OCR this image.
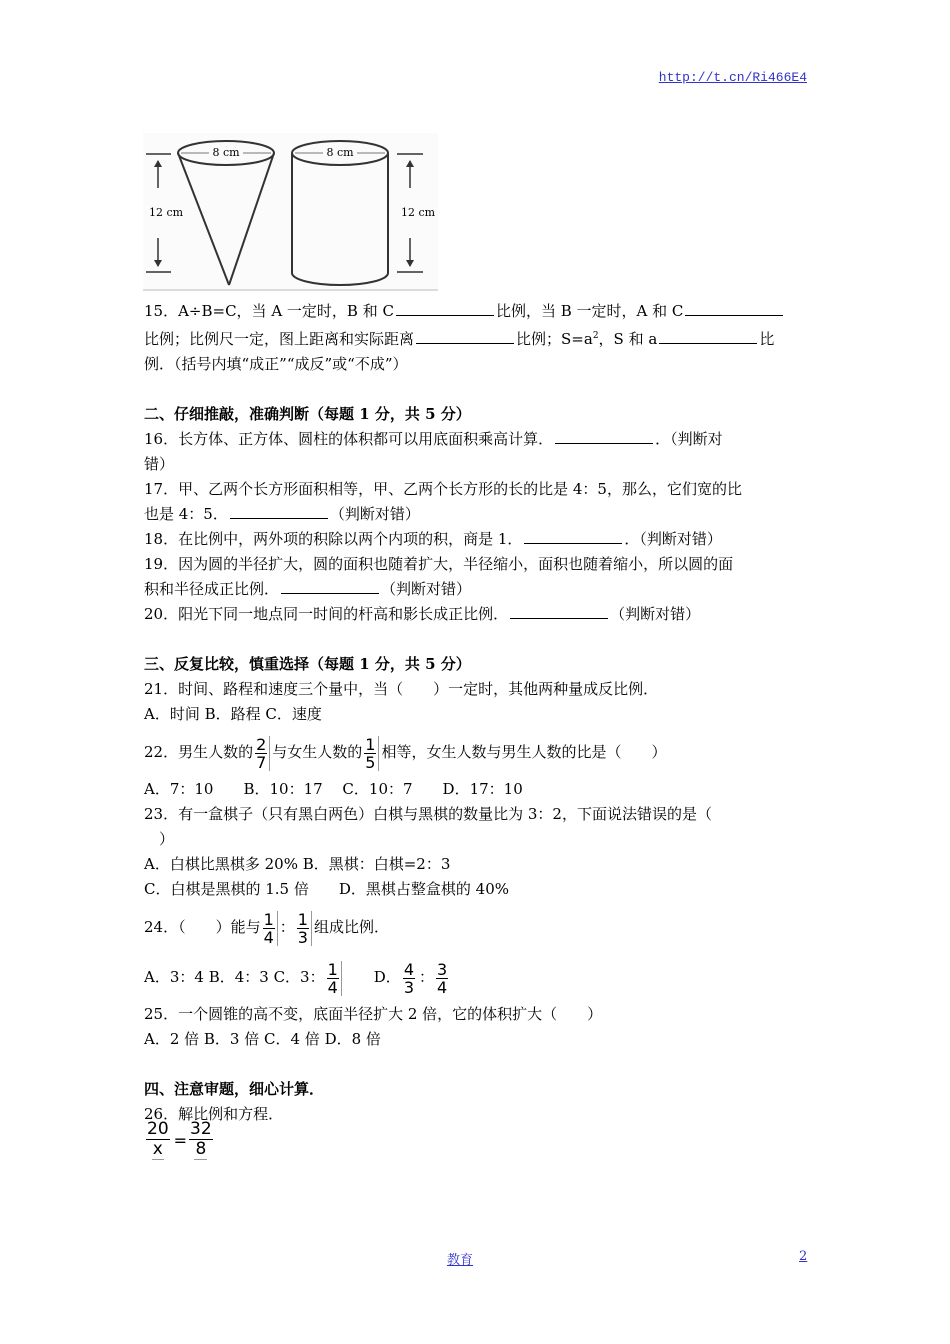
http://t.cn/Ri466E4
8 cm
12 cm
8 cm
12 cm

15．A÷B=C，当 A 一定时，B 和 C	比例，当 B 一定时，A 和 C

比例；比例尺一定，图上距离和实际距离	比例；$S=a^2$，S 和 a	比

例．（括号内填“成正”“成反”或“不成”）

二、仔细推敲，准确判断（每题 1 分，共 5 分）

16．长方体、正方体、圆柱的体积都可以用底面积乘高计算．	．（判断对

错）

17．甲、乙两个长方形面积相等，甲、乙两个长方形的长的比是 4：5，那么，它们宽的比

也是 4：5．	（判断对错）

18．在比例中，两外项的积除以两个内项的积，商是 1．	．（判断对错）

19．因为圆的半径扩大，圆的面积也随着扩大，半径缩小，面积也随着缩小，所以圆的面

积和半径成正比例．	（判断对错）

20．阳光下同一地点同一时间的杆高和影长成正比例．	（判断对错）

三、反复比较，慎重选择（每题 1 分，共 5 分）

21．时间、路程和速度三个量中，当（　　）一定时，其他两种量成反比例．

A．时间 B．路程 C．速度

22．男生人数的 $\frac{2}{7}$ 与女生人数的 $\frac{1}{5}$ 相等，女生人数与男生人数的比是（　　）

A．7：10　　B．10：17　 C．10：7　　D．17：10

23．有一盒棋子（只有黑白两色）白棋与黑棋的数量比为 3：2，下面说法错误的是（

　）

A．白棋比黑棋多 20% B．黑棋：白棋=2：3

C．白棋是黑棋的 1.5 倍　　D．黑棋占整盒棋的 40%

24．（　　）能与 $\frac{1}{4}$ ： $\frac{1}{3}$ 组成比例．

A．3：4 B．4：3 C．3： $\frac{1}{4}$ D． $\frac{4}{3}$ ： $\frac{3}{4}$

25．一个圆锥的高不变，底面半径扩大 2 倍，它的体积扩大（　　）

A．2 倍 B．3 倍 C．4 倍 D．8 倍

四、注意审题，细心计算．

26．解比例和方程．

$\frac{20}{x} = \frac{32}{8}$
教育	2
